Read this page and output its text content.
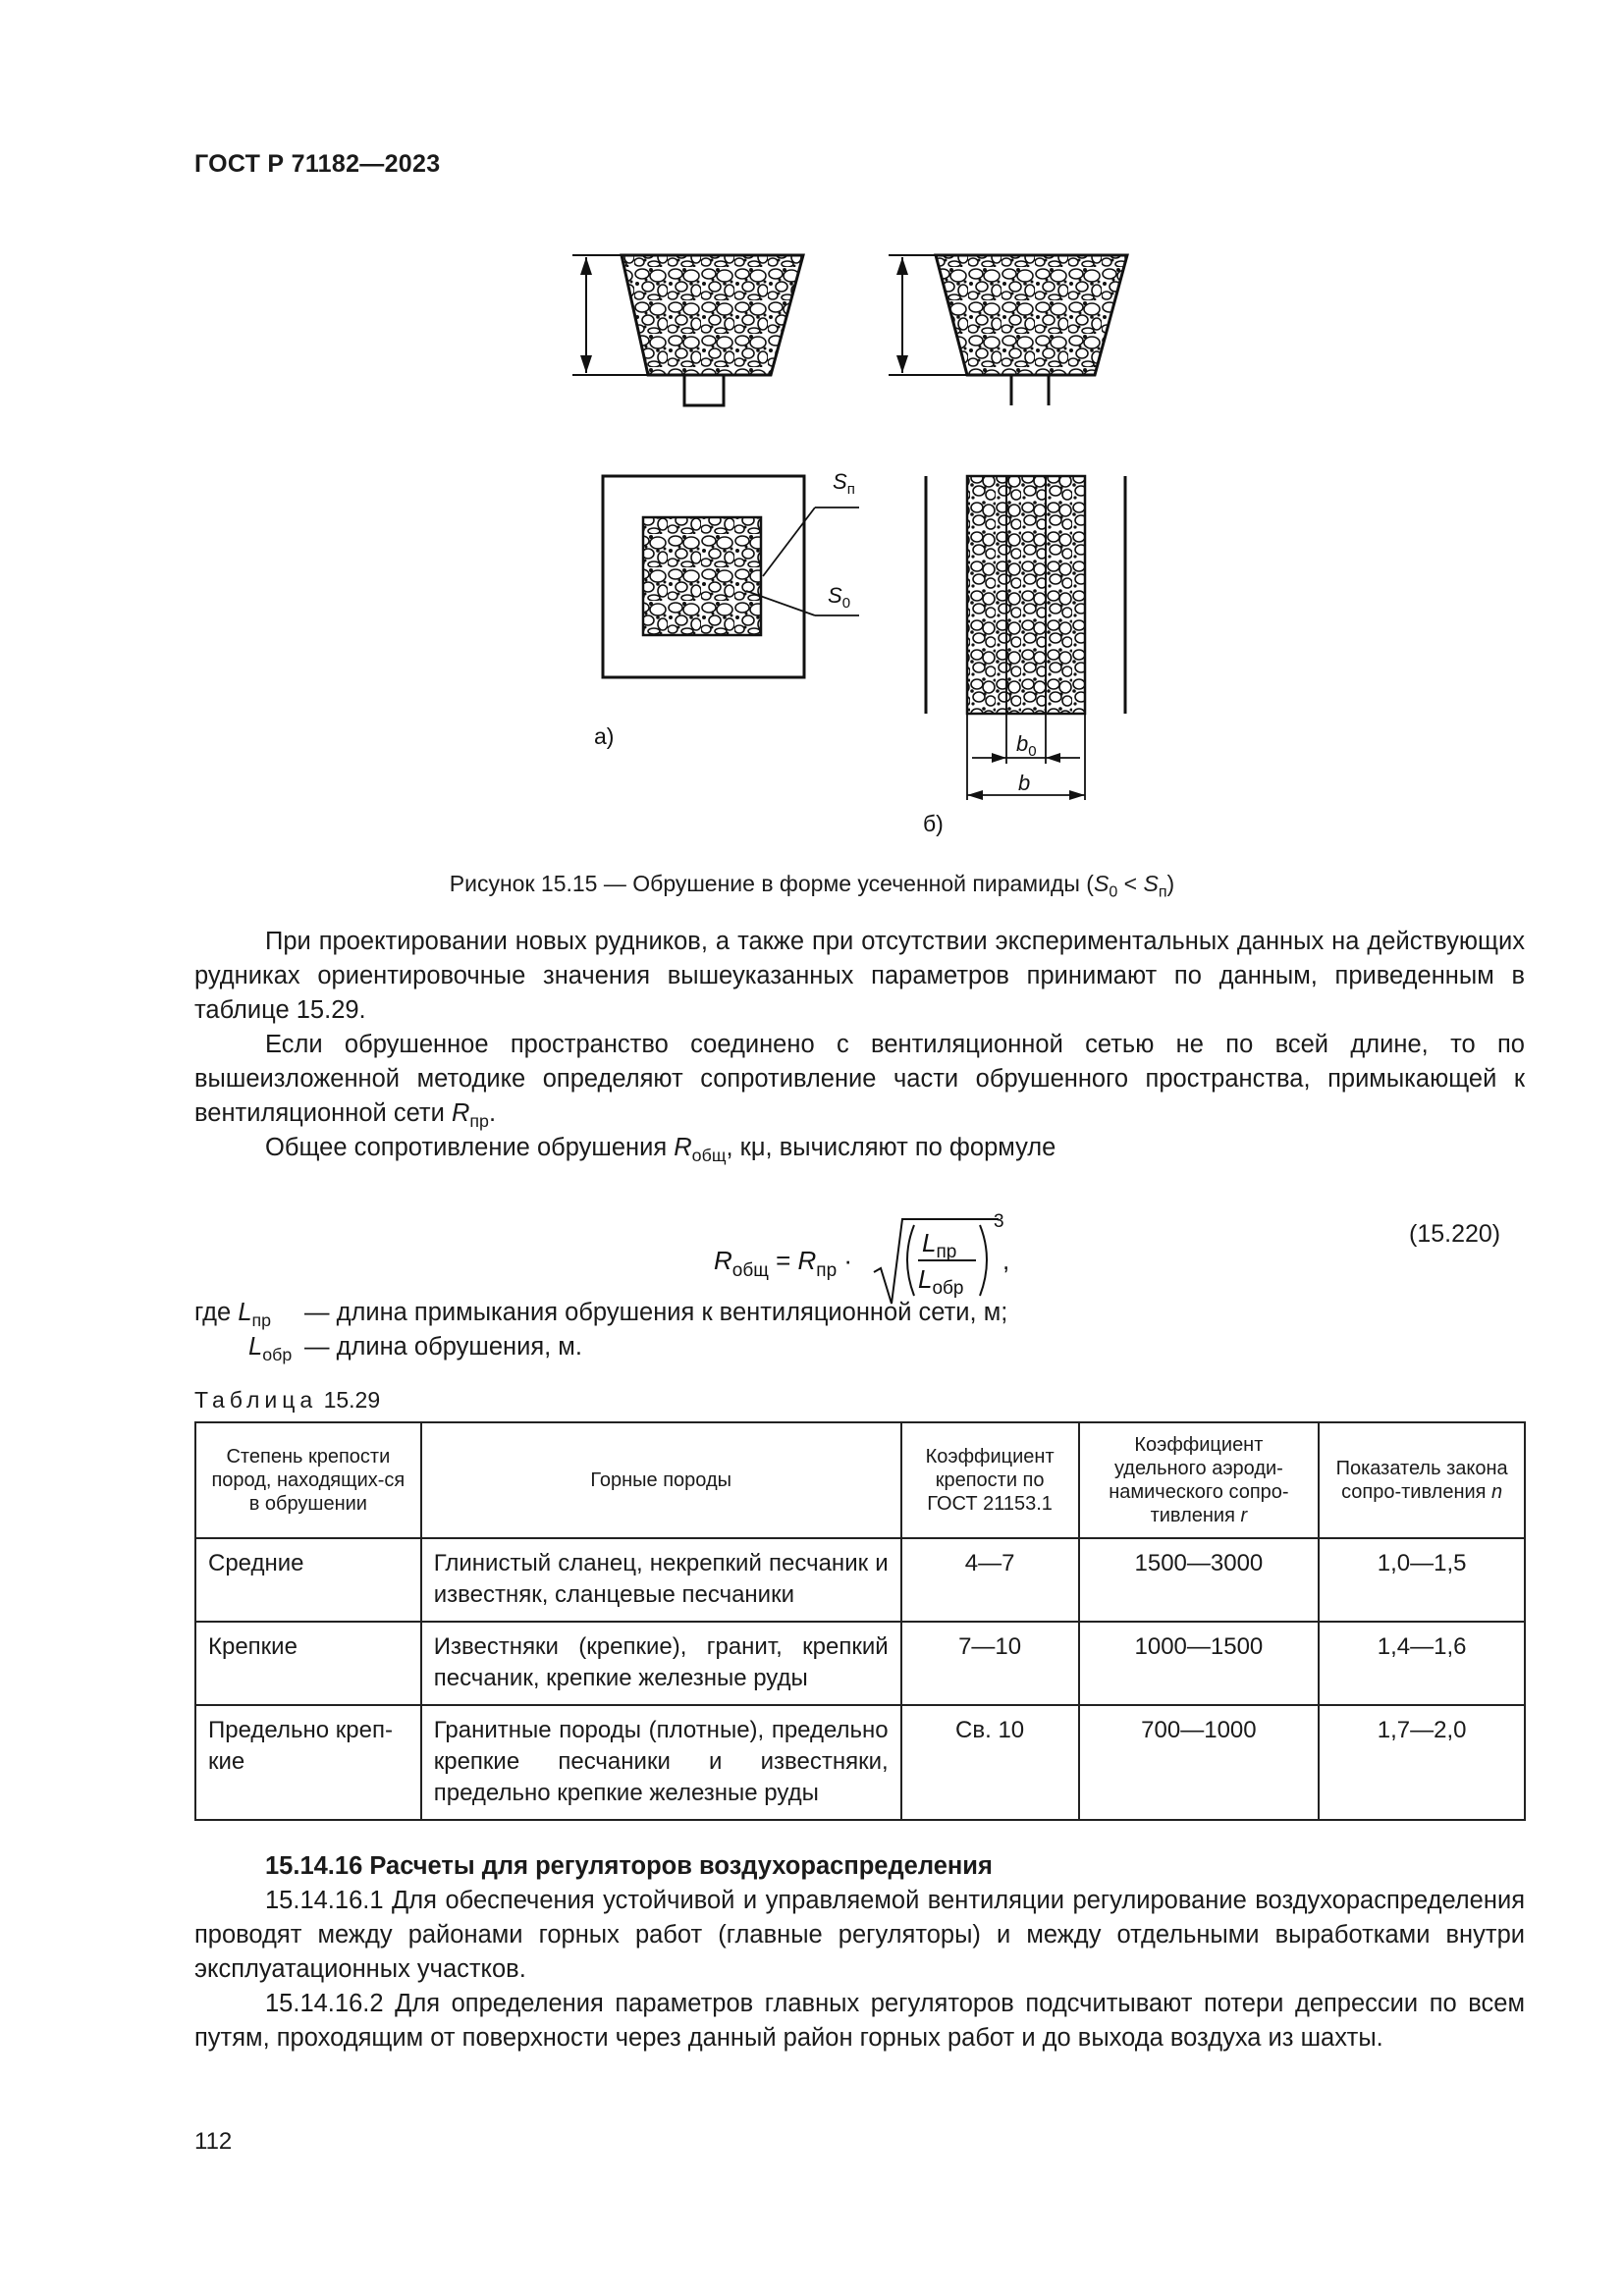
ГОСТ Р 71182—2023
$S_п$
$S_0$
$b_0$
b
а)
б)
Рисунок 15.15 — Обрушение в форме усеченной пирамиды $(S_0 < S_п)$
При проектировании новых рудников, а также при отсутствии экспериментальных данных на действующих рудниках ориентировочные значения вышеуказанных параметров принимают по данным, приведенным в таблице 15.29.
Если обрушенное пространство соединено с вентиляционной сетью не по всей длине, то по вышеизложенной методике определяют сопротивление части обрушенного пространства, примыкающей к вентиляционной сети $R_{пр}$.
Общее сопротивление обрушения $R_{общ}$, кμ, вычисляют по формуле
$R_{общ} = R_{пр}$ ·
$L_{пр}$
$L_{обр}$
3
,
(15.220)
где $L_{пр}$ — длина примыкания обрушения к вентиляционной сети, м;
$L_{обр}$ — длина обрушения, м.
Таблица 15.29
Степень крепости пород, находящих-ся в обрушении	Горные породы	Коэффициент крепости по ГОСТ 21153.1	Коэффициент удельного аэроди-намического сопро-тивления r	Показатель закона сопро-тивления n
Средние	Глинистый сланец, некрепкий песчаник и известняк, сланцевые песчаники	4—7	1500—3000	1,0—1,5
Крепкие	Известняки (крепкие), гранит, крепкий песчаник, крепкие железные руды	7—10	1000—1500	1,4—1,6
Предельно креп-кие	Гранитные породы (плотные), предельно крепкие песчаники и известняки, предельно крепкие железные руды	Св. 10	700—1000	1,7—2,0
15.14.16 Расчеты для регуляторов воздухораспределения
15.14.16.1 Для обеспечения устойчивой и управляемой вентиляции регулирование воздухораспределения проводят между районами горных работ (главные регуляторы) и между отдельными выработками внутри эксплуатационных участков.
15.14.16.2 Для определения параметров главных регуляторов подсчитывают потери депрессии по всем путям, проходящим от поверхности через данный район горных работ и до выхода воздуха из шахты.
112
